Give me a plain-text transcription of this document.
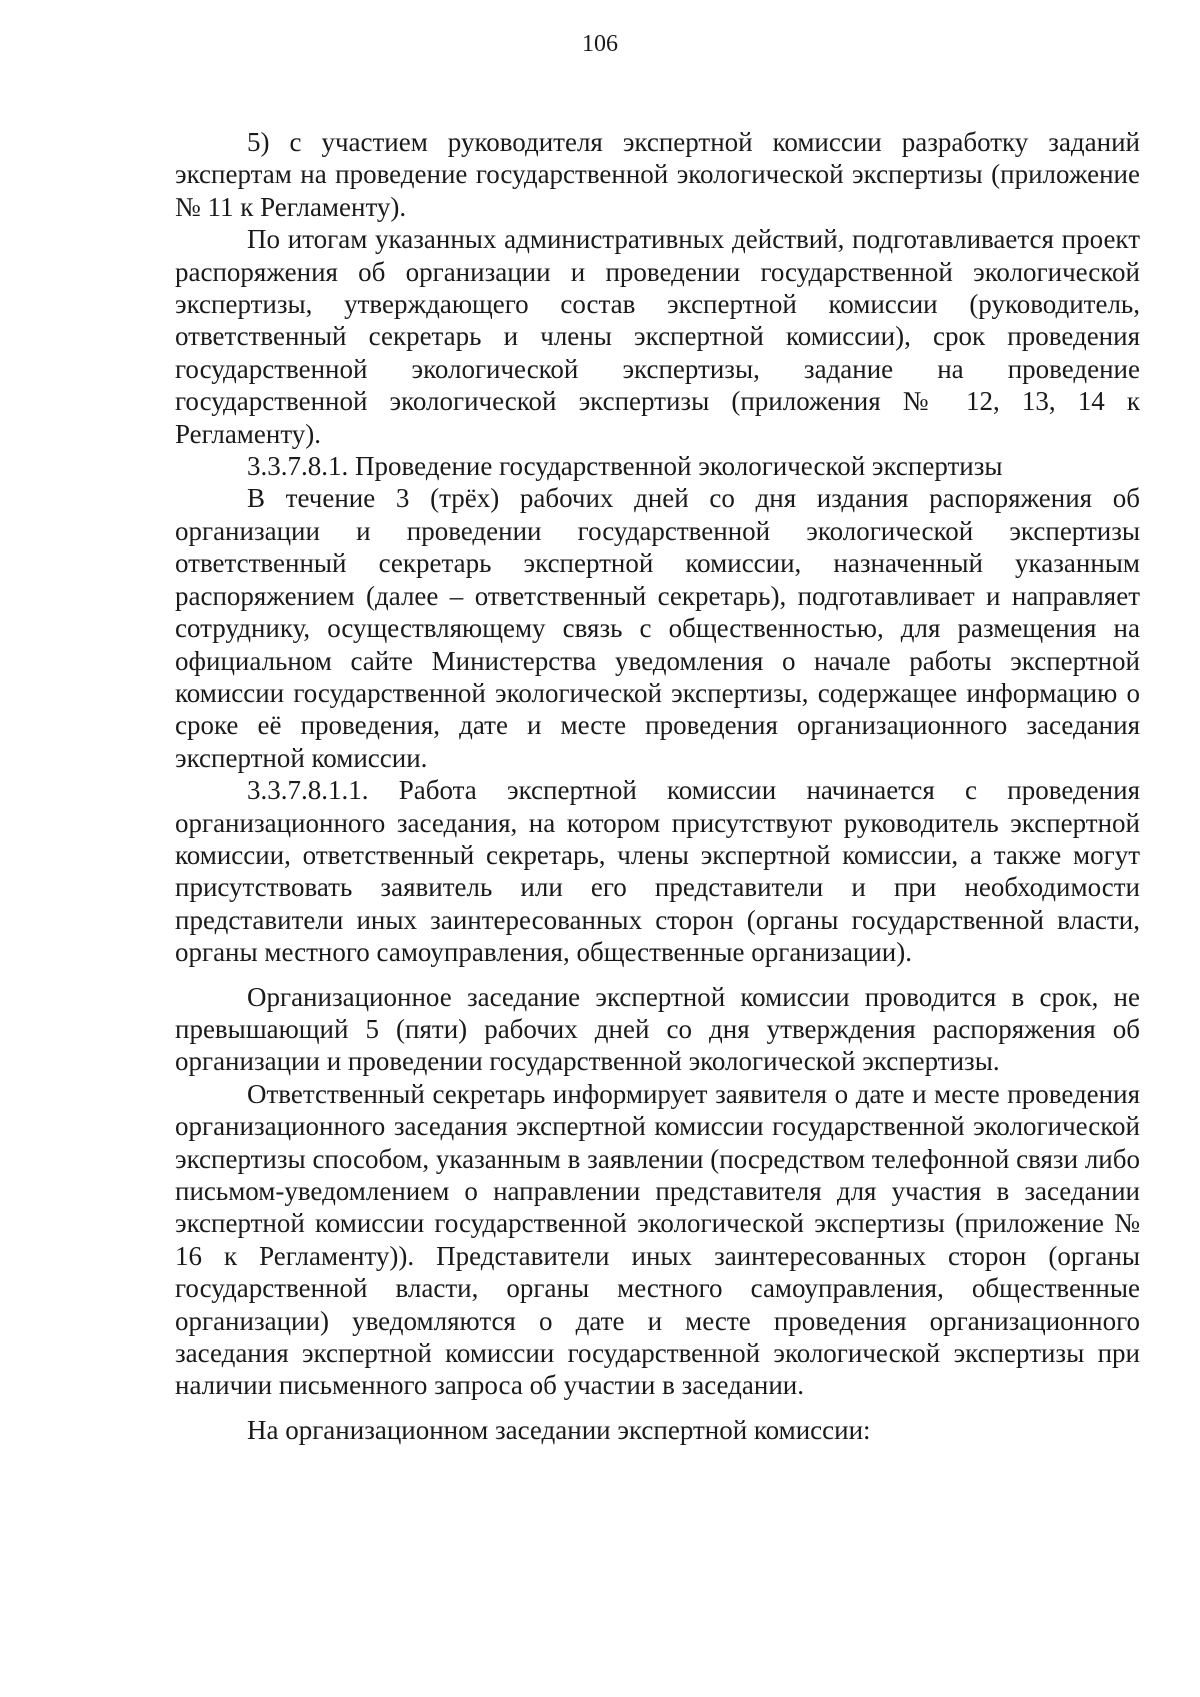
106

5) с участием руководителя экспертной комиссии разработку заданий экспертам на проведение государственной экологической экспертизы (приложение № 11 к Регламенту).

По итогам указанных административных действий, подготавливается проект распоряжения об организации и проведении государственной экологической экспертизы, утверждающего состав экспертной комиссии (руководитель, ответственный секретарь и члены экспертной комиссии), срок проведения государственной экологической экспертизы, задание на проведение государственной экологической экспертизы (приложения № 12, 13, 14 к Регламенту).

3.3.7.8.1. Проведение государственной экологической экспертизы

В течение 3 (трёх) рабочих дней со дня издания распоряжения об организации и проведении государственной экологической экспертизы ответственный секретарь экспертной комиссии, назначенный указанным распоряжением (далее – ответственный секретарь), подготавливает и направляет сотруднику, осуществляющему связь с общественностью, для размещения на официальном сайте Министерства уведомления о начале работы экспертной комиссии государственной экологической экспертизы, содержащее информацию о сроке её проведения, дате и месте проведения организационного заседания экспертной комиссии.

3.3.7.8.1.1. Работа экспертной комиссии начинается с проведения организационного заседания, на котором присутствуют руководитель экспертной комиссии, ответственный секретарь, члены экспертной комиссии, а также могут присутствовать заявитель или его представители и при необходимости представители иных заинтересованных сторон (органы государственной власти, органы местного самоуправления, общественные организации).

Организационное заседание экспертной комиссии проводится в срок, не превышающий 5 (пяти) рабочих дней со дня утверждения распоряжения об организации и проведении государственной экологической экспертизы.

Ответственный секретарь информирует заявителя о дате и месте проведения организационного заседания экспертной комиссии государственной экологической экспертизы способом, указанным в заявлении (посредством телефонной связи либо письмом-уведомлением о направлении представителя для участия в заседании экспертной комиссии государственной экологической экспертизы (приложение № 16 к Регламенту)). Представители иных заинтересованных сторон (органы государственной власти, органы местного самоуправления, общественные организации) уведомляются о дате и месте проведения организационного заседания экспертной комиссии государственной экологической экспертизы при наличии письменного запроса об участии в заседании.

На организационном заседании экспертной комиссии:
